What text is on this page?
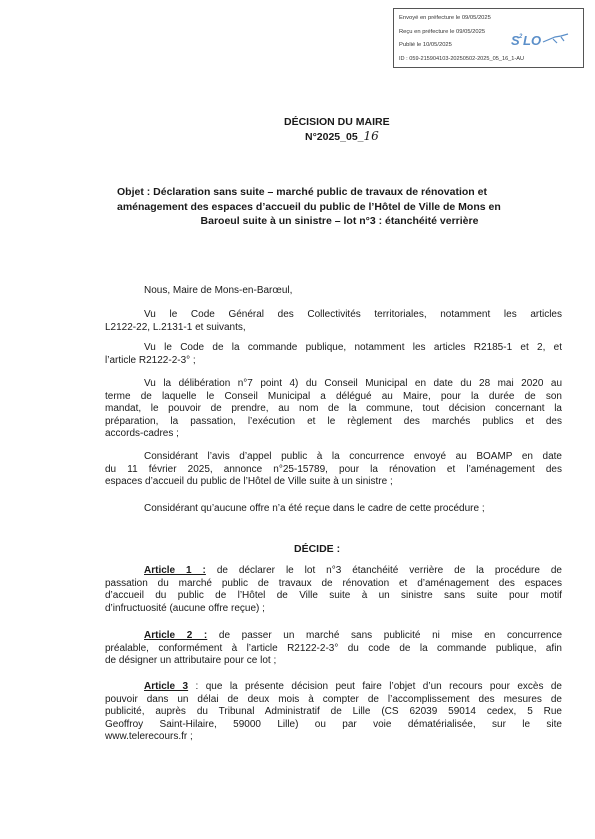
Envoyé en préfecture le 09/05/2025
Reçu en préfecture le 09/05/2025
Publié le 10/05/2025
ID : 059-215904103-20250502-2025_05_16_1-AU
S 2 LO
DÉCISION DU MAIRE
N°2025_05_16
Objet : Déclaration sans suite – marché public de travaux de rénovation et
aménagement des espaces d’accueil du public de l’Hôtel de Ville de Mons en
Baroeul suite à un sinistre – lot n°3 : étanchéité verrière
Nous, Maire de Mons-en-Barœul,
Vu le Code Général des Collectivités territoriales, notamment les articles
L2122-22, L.2131-1 et suivants,
Vu le Code de la commande publique, notamment les articles R2185-1 et 2, et
l’article R2122-2-3° ;
Vu la délibération n°7 point 4) du Conseil Municipal en date du 28 mai 2020 au
terme de laquelle le Conseil Municipal a délégué au Maire, pour la durée de son
mandat, le pouvoir de prendre, au nom de la commune, tout décision concernant la
préparation, la passation, l’exécution et le règlement des marchés publics et des
accords-cadres ;
Considérant l’avis d’appel public à la concurrence envoyé au BOAMP en date
du 11 février 2025, annonce n°25-15789, pour la rénovation et l’aménagement des
espaces d’accueil du public de l’Hôtel de Ville suite à un sinistre ;
Considérant qu’aucune offre n’a été reçue dans le cadre de cette procédure ;
DÉCIDE :
Article 1 : de déclarer le lot n°3 étanchéité verrière de la procédure de
passation du marché public de travaux de rénovation et d’aménagement des espaces
d’accueil du public de l’Hôtel de Ville suite à un sinistre sans suite pour motif
d’infructuosité (aucune offre reçue) ;
Article 2 : de passer un marché sans publicité ni mise en concurrence
préalable, conformément à l’article R2122-2-3° du code de la commande publique, afin
de désigner un attributaire pour ce lot ;
Article 3 : que la présente décision peut faire l’objet d’un recours pour excès de
pouvoir dans un délai de deux mois à compter de l’accomplissement des mesures de
publicité, auprès du Tribunal Administratif de Lille (CS 62039 59014 cedex, 5 Rue
Geoffroy Saint-Hilaire, 59000 Lille) ou par voie dématérialisée, sur le site
www.telerecours.fr ;
